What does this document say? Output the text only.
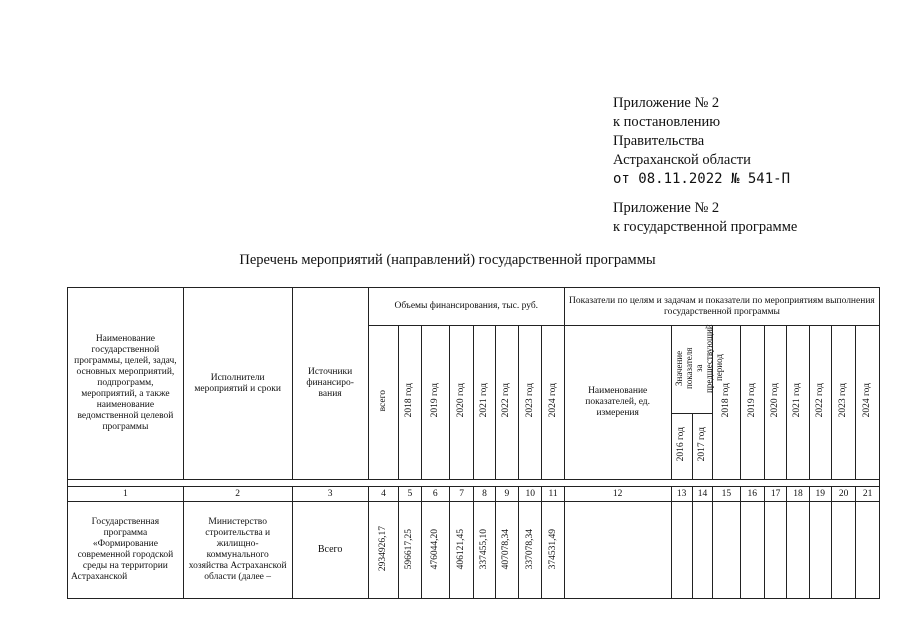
Приложение № 2
к постановлению
Правительства
Астраханской области
от 08.11.2022 № 541-П
Приложение № 2
к государственной программе
Перечень мероприятий (направлений) государственной программы
Наименование государственной программы, целей, задач, основных мероприятий, подпрограмм, мероприятий, а также наименование ведомственной целевой программы	Исполнители мероприятий и сроки	Источники финансиро-вания	Объемы финансирования, тыс. руб.								Показатели по целям и задачам и показатели по мероприятиям выполнения государственной программы									
			всего	2018 год	2019 год	2020 год	2021 год	2022 год	2023 год	2024 год	Наименование показателей, ед. измерения	Значение показателя за предшествующий период		2018 год	2019 год	2020 год	2021 год	2022 год	2023 год	2024 год
												2016 год	2017 год							

1	2	3	4	5	6	7	8	9	10	11	12	13	14	15	16	17	18	19	20	21
Государственная программа «Формирование современной городской среды на территории Астраханской	Министерство строительства и жилищно-коммунального хозяйства Астраханской области (далее –	Всего	2934926,17	596617,25	476044,20	406121,45	337455,10	407078,34	337078,34	374531,49										
